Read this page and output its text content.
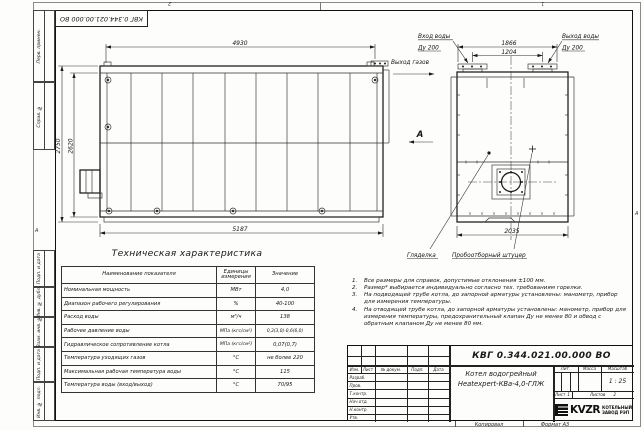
2	1
А
А
КВГ 0.344.021.00.000 ВО
Перв. примен.
Справ. №
Подп. и дата
Инв. № дубл.
Взам. инв. №
Подп. и дата
Инв. № подл.
4930
2750 2620
5187
Выход газов
А
1866
1204
Гляделка	Пробоотборный штуцер
2035
Вход воды
Ду 200
Выход воды
Ду 200
Техническая характеристика
Наименование показателя	Единицы измерения	Значение
Номинальная мощность	МВт	4,0
Диапазон рабочего регулирования	%	40-100
Расход воды	м³/ч	138
Рабочее давление воды	МПа (кгс/см²)	0,3(3,0)-0,6(6,0)
Гидравлическое сопротивление котла	МПа (кгс/см²)	0,07(0,7)
Температура уходящих газов	°С	не более 220
Максимальная рабочая температура воды	°С	115
Температура воды (вход/выход)	°С	70/95
1.	Все размеры для справок, допустимые отклонения ±100 мм.
2.	Размер* выбирается индивидуально согласно тех. требованиям горелки.
3.	На подводящей трубе котла, до запорной арматуры установлены: манометр, прибор для измерения температуры.
4.	На отводящей трубе котла, до запорной арматуры установлены: манометр, прибор для измерения температуры, предохранительный клапан Ду не менее 80 и обвод с обратным клапаном Ду не менее 80 мм.
КВГ 0.344.021.00.000 ВО
Изм. Лист	№ докум.	Подп.	Дата
Разраб.
Пров.
Т.контр.
Нач.отд.
Н.контр.
Утв.
Котел водогрейный
Heatexpert-КВа-4,0-ГЛЖ
Лит.	Масса	Масштаб
1 : 25
Лист 1	Листов 2
KVZR КОТЕЛЬНЫЙ
ЗАВОД РЭП
Копировал	Формат А3
